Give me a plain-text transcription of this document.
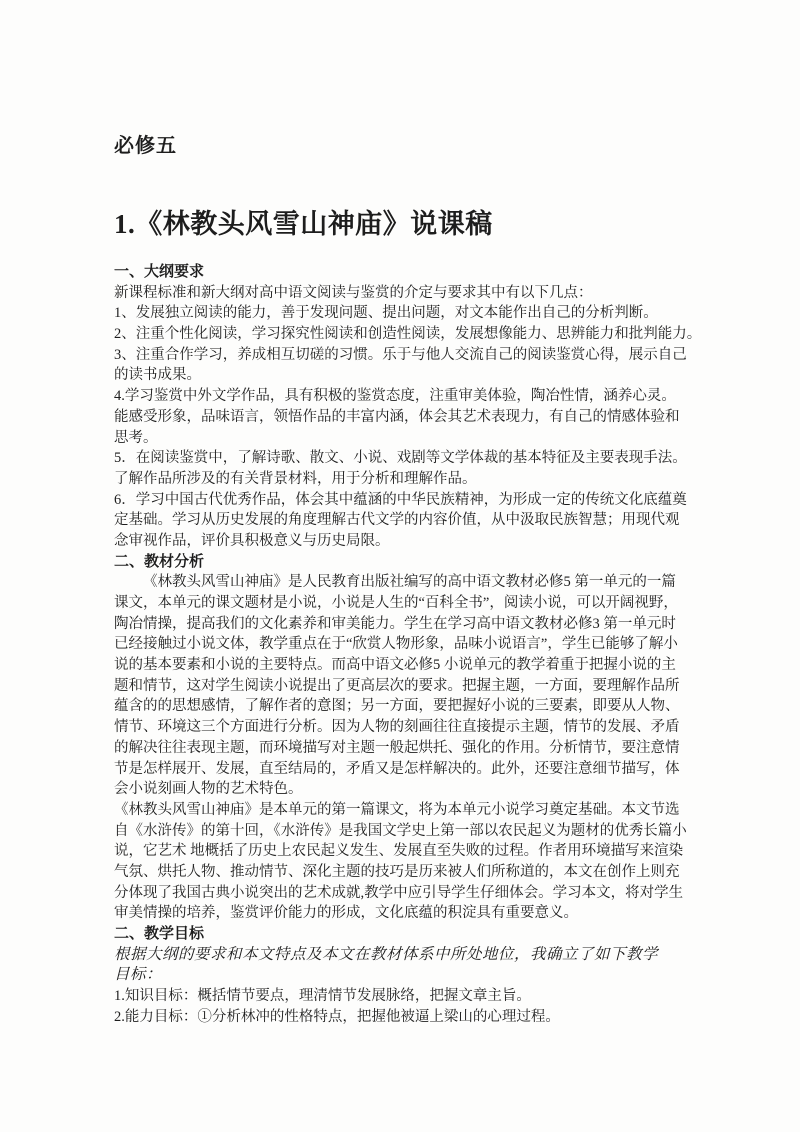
必修五
1.《林教头风雪山神庙》说课稿
一、大纲要求
新课程标准和新大纲对高中语文阅读与鉴赏的介定与要求其中有以下几点：
1、发展独立阅读的能力，善于发现问题、提出问题，对文本能作出自己的分析判断。
2、注重个性化阅读，学习探究性阅读和创造性阅读，发展想像能力、思辨能力和批判能力。
3、注重合作学习，养成相互切磋的习惯。乐于与他人交流自己的阅读鉴赏心得，展示自己
的读书成果。
4.学习鉴赏中外文学作品，具有积极的鉴赏态度，注重审美体验，陶冶性情，涵养心灵。
能感受形象，品味语言，领悟作品的丰富内涵，体会其艺术表现力，有自己的情感体验和
思考。
5．在阅读鉴赏中，了解诗歌、散文、小说、戏剧等文学体裁的基本特征及主要表现手法。
了解作品所涉及的有关背景材料，用于分析和理解作品。
6．学习中国古代优秀作品，体会其中蕴涵的中华民族精神，为形成一定的传统文化底蕴奠
定基础。学习从历史发展的角度理解古代文学的内容价值，从中汲取民族智慧；用现代观
念审视作品，评价具积极意义与历史局限。
二、教材分析
《林教头风雪山神庙》是人民教育出版社编写的高中语文教材必修5 第一单元的一篇
课文，本单元的课文题材是小说，小说是人生的“百科全书”，阅读小说，可以开阔视野，
陶冶情操，提高我们的文化素养和审美能力。学生在学习高中语文教材必修3 第一单元时
已经接触过小说文体，教学重点在于“欣赏人物形象，品味小说语言”，学生已能够了解小
说的基本要素和小说的主要特点。而高中语文必修5 小说单元的教学着重于把握小说的主
题和情节，这对学生阅读小说提出了更高层次的要求。把握主题，一方面，要理解作品所
蕴含的的思想感情，了解作者的意图；另一方面，要把握好小说的三要素，即要从人物、
情节、环境这三个方面进行分析。因为人物的刻画往往直接提示主题，情节的发展、矛盾
的解决往往表现主题，而环境描写对主题一般起烘托、强化的作用。分析情节，要注意情
节是怎样展开、发展，直至结局的，矛盾又是怎样解决的。此外，还要注意细节描写，体
会小说刻画人物的艺术特色。
《林教头风雪山神庙》是本单元的第一篇课文，将为本单元小说学习奠定基础。本文节选
自《水浒传》的第十回，《水浒传》是我国文学史上第一部以农民起义为题材的优秀长篇小
说，它艺术 地概括了历史上农民起义发生、发展直至失败的过程。作者用环境描写来渲染
气氛、烘托人物、推动情节、深化主题的技巧是历来被人们所称道的，本文在创作上则充
分体现了我国古典小说突出的艺术成就,教学中应引导学生仔细体会。学习本文，将对学生
审美情操的培养，鉴赏评价能力的形成，文化底蕴的积淀具有重要意义。
二、教学目标
根据大纲的要求和本文特点及本文在教材体系中所处地位，我确立了如下教学
目标：
1.知识目标：概括情节要点，理清情节发展脉络，把握文章主旨。
2.能力目标：①分析林冲的性格特点，把握他被逼上梁山的心理过程。
